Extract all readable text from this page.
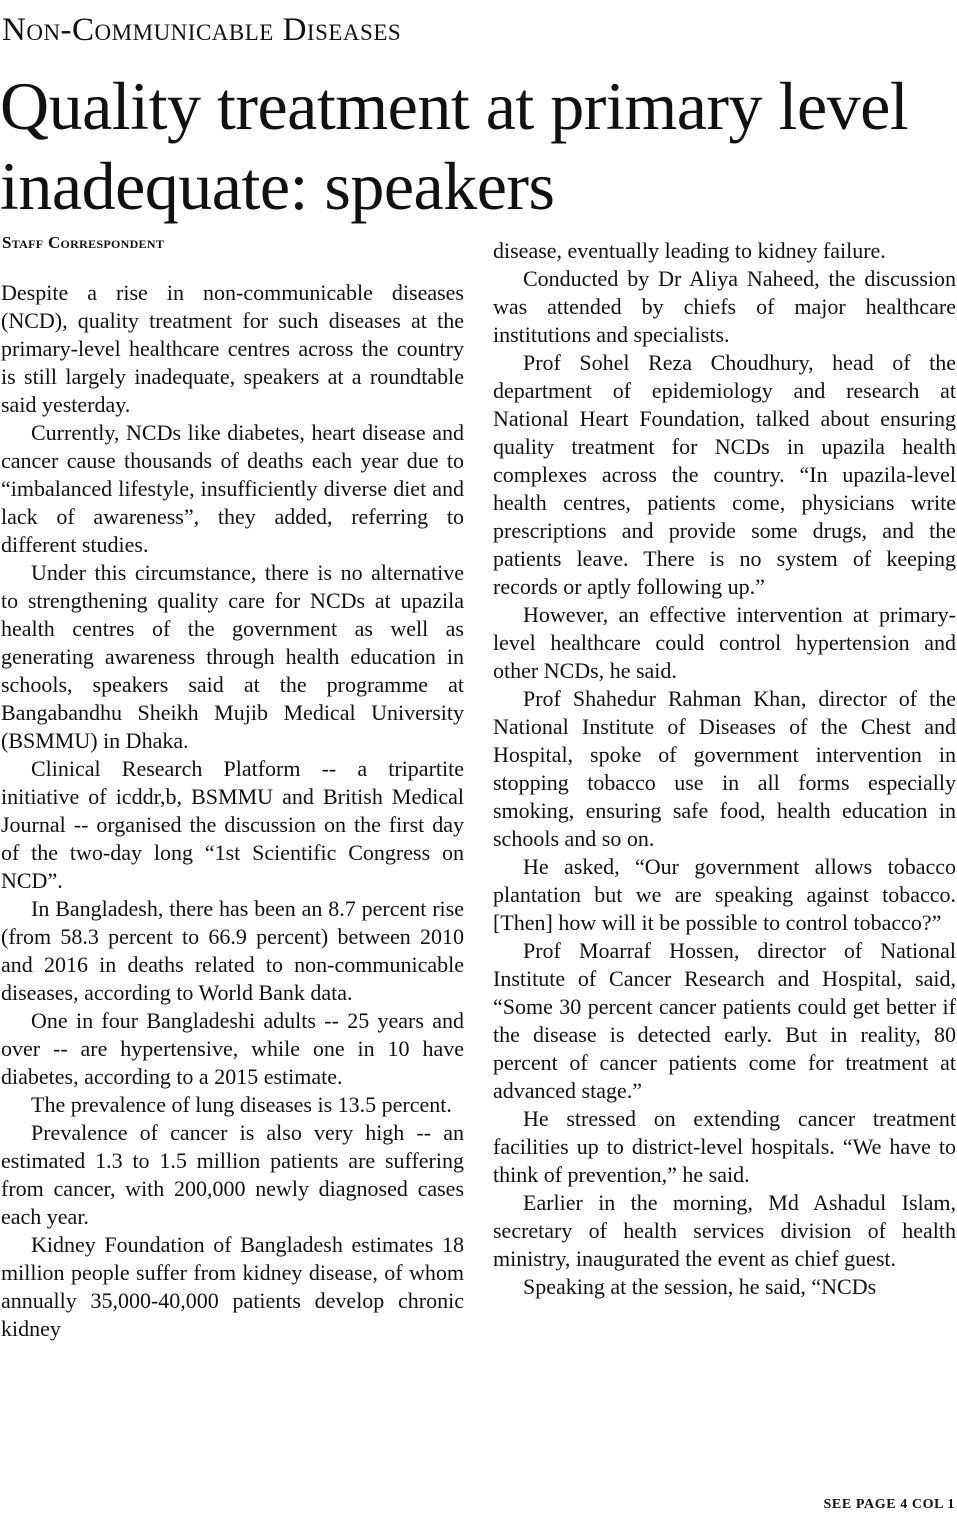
Non-Communicable Diseases
Quality treatment at primary level inadequate: speakers
Staff Correspondent

Despite a rise in non-communicable diseases (NCD), quality treatment for such diseases at the primary-level healthcare centres across the country is still largely inadequate, speakers at a roundtable said yesterday.

Currently, NCDs like diabetes, heart disease and cancer cause thousands of deaths each year due to “imbalanced lifestyle, insufficiently diverse diet and lack of awareness”, they added, referring to different studies.

Under this circumstance, there is no alternative to strengthening quality care for NCDs at upazila health centres of the government as well as generating awareness through health education in schools, speakers said at the programme at Bangabandhu Sheikh Mujib Medical University (BSMMU) in Dhaka.

Clinical Research Platform -- a tripartite initiative of icddr,b, BSMMU and British Medical Journal -- organised the discussion on the first day of the two-day long “1st Scientific Congress on NCD”.

In Bangladesh, there has been an 8.7 percent rise (from 58.3 percent to 66.9 percent) between 2010 and 2016 in deaths related to non-communicable diseases, according to World Bank data.

One in four Bangladeshi adults -- 25 years and over -- are hypertensive, while one in 10 have diabetes, according to a 2015 estimate.

The prevalence of lung diseases is 13.5 percent.

Prevalence of cancer is also very high -- an estimated 1.3 to 1.5 million patients are suffering from cancer, with 200,000 newly diagnosed cases each year.

Kidney Foundation of Bangladesh estimates 18 million people suffer from kidney disease, of whom annually 35,000-40,000 patients develop chronic kidney

disease, eventually leading to kidney failure.

Conducted by Dr Aliya Naheed, the discussion was attended by chiefs of major healthcare institutions and specialists.

Prof Sohel Reza Choudhury, head of the department of epidemiology and research at National Heart Foundation, talked about ensuring quality treatment for NCDs in upazila health complexes across the country. “In upazila-level health centres, patients come, physicians write prescriptions and provide some drugs, and the patients leave. There is no system of keeping records or aptly following up.”

However, an effective intervention at primary-level healthcare could control hypertension and other NCDs, he said.

Prof Shahedur Rahman Khan, director of the National Institute of Diseases of the Chest and Hospital, spoke of government intervention in stopping tobacco use in all forms especially smoking, ensuring safe food, health education in schools and so on.

He asked, “Our government allows tobacco plantation but we are speaking against tobacco. [Then] how will it be possible to control tobacco?”

Prof Moarraf Hossen, director of National Institute of Cancer Research and Hospital, said, “Some 30 percent cancer patients could get better if the disease is detected early. But in reality, 80 percent of cancer patients come for treatment at advanced stage.”

He stressed on extending cancer treatment facilities up to district-level hospitals. “We have to think of prevention,” he said.

Earlier in the morning, Md Ashadul Islam, secretary of health services division of health ministry, inaugurated the event as chief guest.

Speaking at the session, he said, “NCDs

SEE PAGE 4 COL 1
